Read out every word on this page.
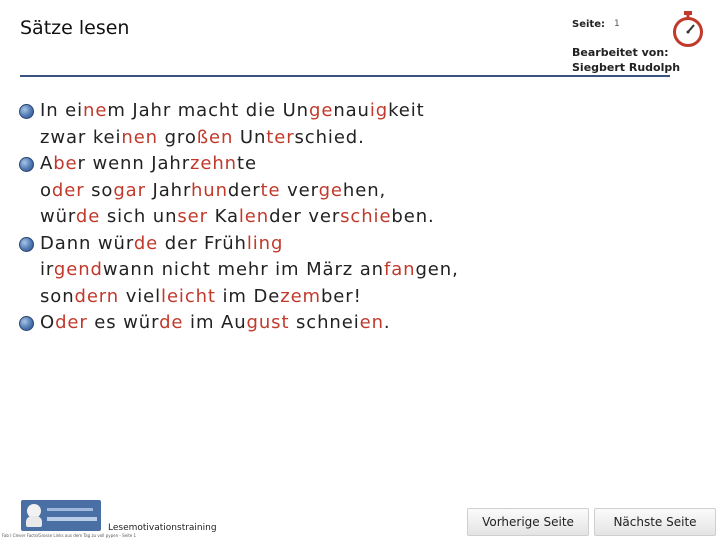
Sätze lesen	Seite: 1
Bearbeitet von:
Siegbert Rudolph
In einem Jahr macht die Ungenauigkeit
zwar keinen großen Unterschied.
Aber wenn Jahrzehnte
oder sogar Jahrhunderte vergehen,
würde sich unser Kalender verschieben.
Dann würde der Frühling
irgendwann nicht mehr im März anfangen,
sondern vielleicht im Dezember!
Oder es würde im August schneien.
Lesemotivationstraining
Fab I Clever Facts/Grosse Links aus dem Tag zu voll pypen - Seite 1
Vorherige Seite	Nächste Seite
